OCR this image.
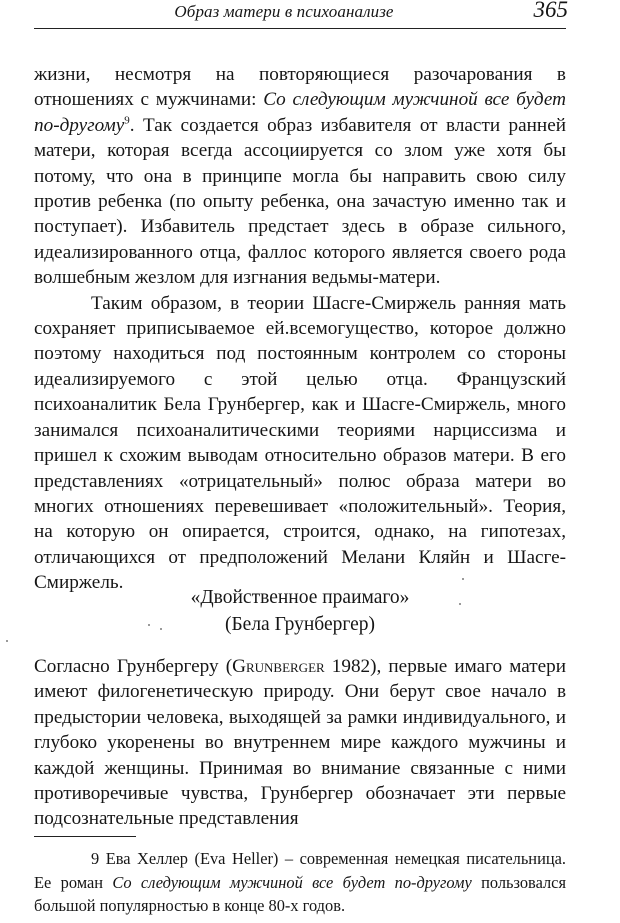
Образ матери в психоанализе	365

жизни, несмотря на повторяющиеся разочарования в отношениях с мужчинами: Со следующим мужчиной все будет по-другому$^9$. Так создается образ избавителя от власти ранней матери, которая всегда ассоциируется со злом уже хотя бы потому, что она в принципе могла бы направить свою силу против ребенка (по опыту ребенка, она зачастую именно так и поступает). Избавитель предстает здесь в образе сильного, идеализированного отца, фаллос которого является своего рода волшебным жезлом для изгнания ведьмы-матери.

Таким образом, в теории Шасге-Смиржель ранняя мать сохраняет приписываемое ей.всемогущество, которое должно поэтому находиться под постоянным контролем со стороны идеализируемого с этой целью отца. Французский психоаналитик Бела Грунбергер, как и Шасге-Смиржель, много занимался психоаналитическими теориями нарциссизма и пришел к схожим выводам относительно образов матери. В его представлениях «отрицательный» полюс образа матери во многих отношениях перевешивает «положительный». Теория, на которую он опирается, строится, однако, на гипотезах, отличающихся от предположений Мелани Кляйн и Шасге-Смиржель.

«Двойственное праимаго»
(Бела Грунбергер)

Согласно Грунбергеру (Grunberger 1982), первые имаго матери имеют филогенетическую природу. Они берут свое начало в предыстории человека, выходящей за рамки индивидуального, и глубоко укоренены во внутреннем мире каждого мужчины и каждой женщины. Принимая во внимание связанные с ними противоречивые чувства, Грунбергер обозначает эти первые подсознательные представления

9 Ева Хеллер (Eva Heller) – современная немецкая писательница. Ее роман Со следующим мужчиной все будет по-другому пользовался большой популярностью в конце 80-х годов.
